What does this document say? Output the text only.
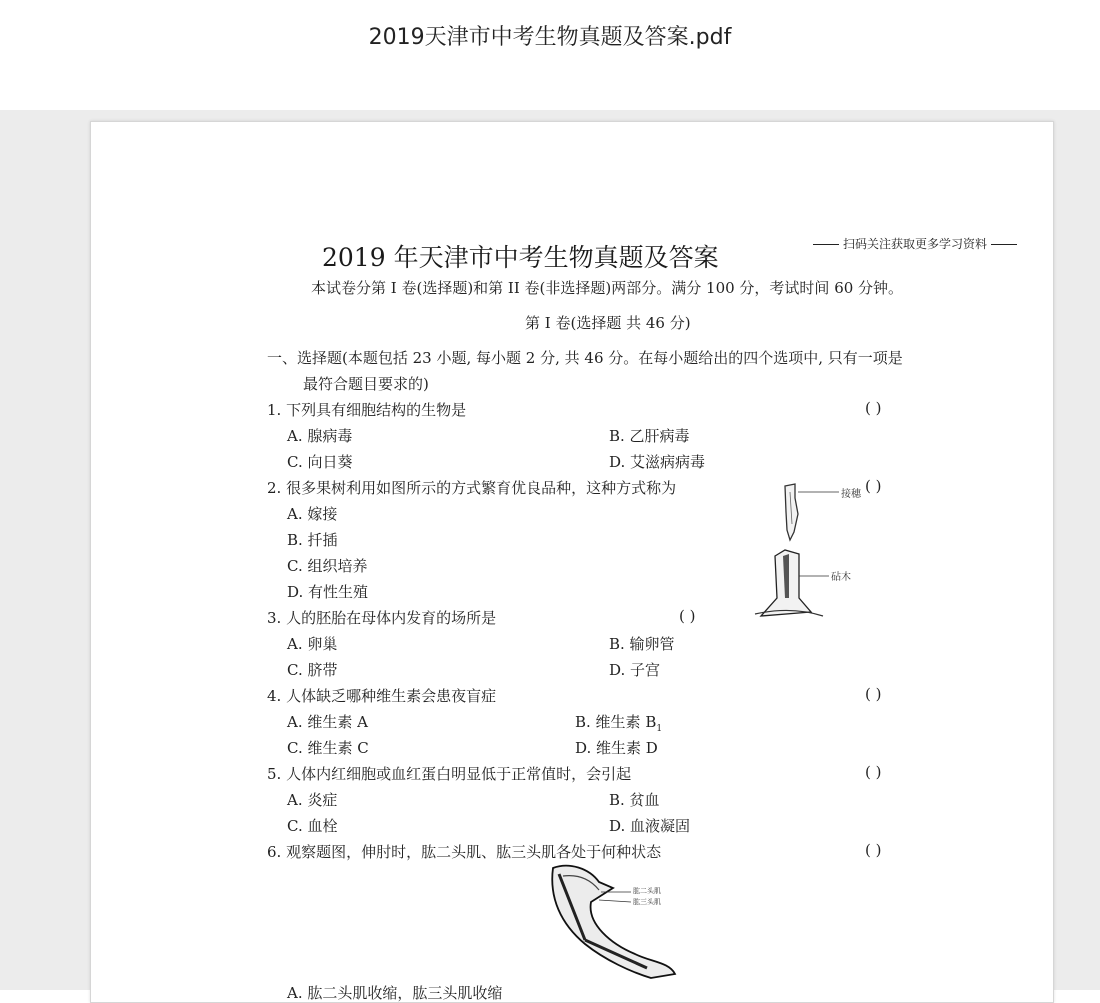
2019天津市中考生物真题及答案.pdf
2019 年天津市中考生物真题及答案	扫码关注获取更多学习资料
本试卷分第 I 卷(选择题)和第 II 卷(非选择题)两部分。满分 100 分，考试时间 60 分钟。
第 I 卷(选择题 共 46 分)
一、选择题(本题包括 23 小题, 每小题 2 分, 共 46 分。在每小题给出的四个选项中, 只有一项是
最符合题目要求的)
1. 下列具有细胞结构的生物是	( )
A. 腺病毒	B. 乙肝病毒
C. 向日葵	D. 艾滋病病毒
2. 很多果树利用如图所示的方式繁育优良品种，这种方式称为	( )
A. 嫁接
B. 扦插
C. 组织培养
D. 有性生殖
接穗
砧木
3. 人的胚胎在母体内发育的场所是	( )
A. 卵巢	B. 输卵管
C. 脐带	D. 子宫
4. 人体缺乏哪种维生素会患夜盲症	( )
A. 维生素 A	B. 维生素 $B_1$
C. 维生素 C	D. 维生素 D
5. 人体内红细胞或血红蛋白明显低于正常值时，会引起	( )
A. 炎症	B. 贫血
C. 血栓	D. 血液凝固
6. 观察题图，伸肘时，肱二头肌、肱三头肌各处于何种状态	( )
肱二头肌
肱三头肌
A. 肱二头肌收缩，肱三头肌收缩
